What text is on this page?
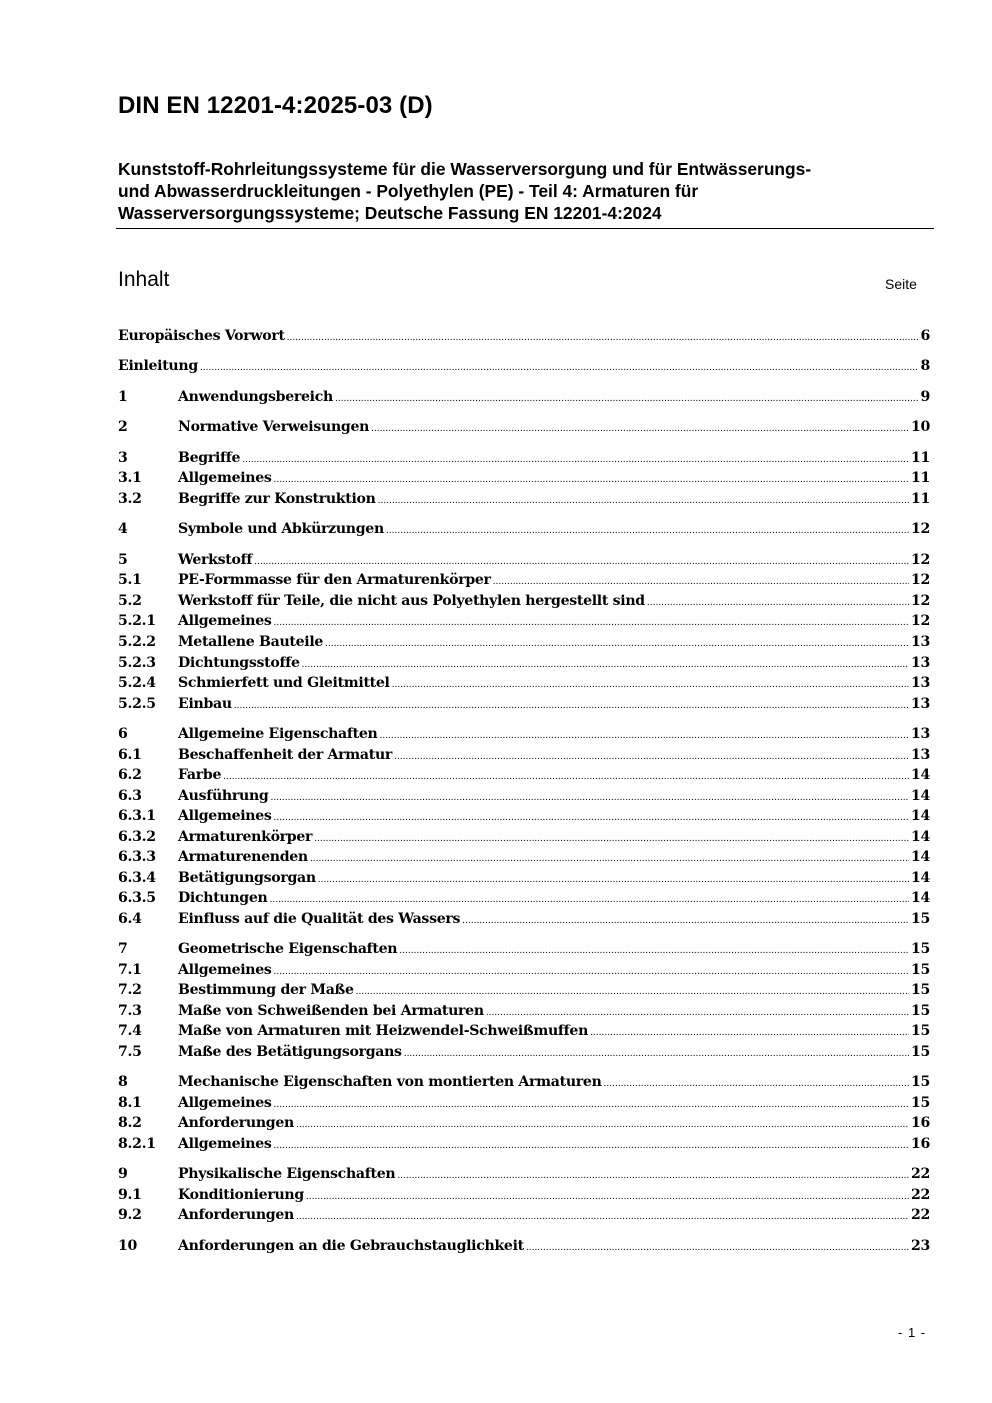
DIN EN 12201-4:2025-03 (D)
Kunststoff-Rohrleitungssysteme für die Wasserversorgung und für Entwässerungs-
und Abwasserdruckleitungen - Polyethylen (PE) - Teil 4: Armaturen für
Wasserversorgungssysteme; Deutsche Fassung EN 12201-4:2024
Inhalt	Seite
Europäisches Vorwort .....	6
Einleitung .....	8
1	Anwendungsbereich .....	9
2	Normative Verweisungen .....	10
3	Begriffe .....	11
3.1	Allgemeines .....	11
3.2	Begriffe zur Konstruktion .....	11
4	Symbole und Abkürzungen .....	12
5	Werkstoff .....	12
5.1	PE-Formmasse für den Armaturenkörper .....	12
5.2	Werkstoff für Teile, die nicht aus Polyethylen hergestellt sind .....	12
5.2.1	Allgemeines .....	12
5.2.2	Metallene Bauteile .....	13
5.2.3	Dichtungsstoffe .....	13
5.2.4	Schmierfett und Gleitmittel .....	13
5.2.5	Einbau .....	13
6	Allgemeine Eigenschaften .....	13
6.1	Beschaffenheit der Armatur .....	13
6.2	Farbe .....	14
6.3	Ausführung .....	14
6.3.1	Allgemeines .....	14
6.3.2	Armaturenkörper .....	14
6.3.3	Armaturenenden .....	14
6.3.4	Betätigungsorgan .....	14
6.3.5	Dichtungen .....	14
6.4	Einfluss auf die Qualität des Wassers .....	15
7	Geometrische Eigenschaften .....	15
7.1	Allgemeines .....	15
7.2	Bestimmung der Maße .....	15
7.3	Maße von Schweißenden bei Armaturen .....	15
7.4	Maße von Armaturen mit Heizwendel-Schweißmuffen .....	15
7.5	Maße des Betätigungsorgans .....	15
8	Mechanische Eigenschaften von montierten Armaturen .....	15
8.1	Allgemeines .....	15
8.2	Anforderungen .....	16
8.2.1	Allgemeines .....	16
9	Physikalische Eigenschaften .....	22
9.1	Konditionierung .....	22
9.2	Anforderungen .....	22
10	Anforderungen an die Gebrauchstauglichkeit .....	23
- 1 -
